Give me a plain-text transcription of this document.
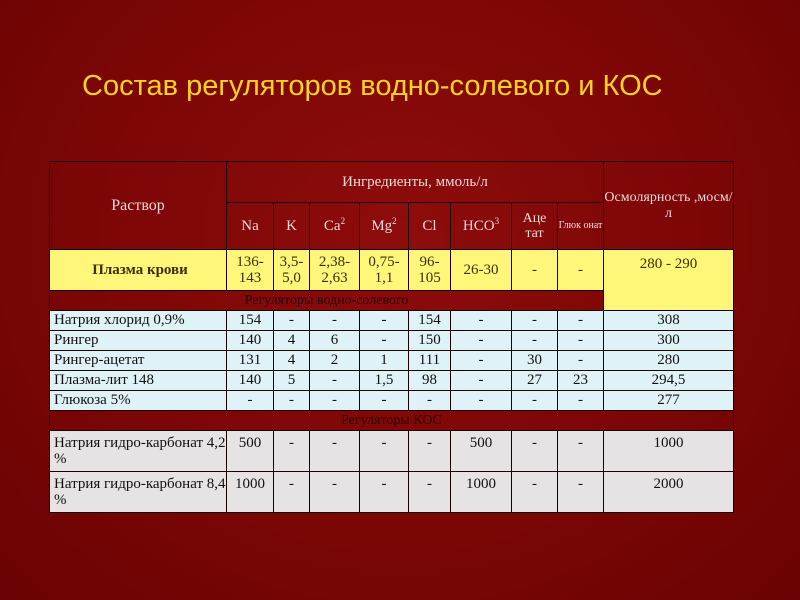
Состав регуляторов водно-солевого и КОС
Раствор	Ингредиенты, ммоль/л								Осмолярность ,мосм/л
	Na	K	Ca$^2$	Mg$^2$	Cl	HCO$^3$	Аце тат	Глюк онат	
Плазма крови	136-143	3,5-5,0	2,38-2,63	0,75-1,1	96-105	26-30	-	-	280 - 290
Регуляторы водно-солевого									
Натрия хлорид 0,9%	154	-	-	-	154	-	-	-	308
Рингер	140	4	6	-	150	-	-	-	300
Рингер-ацетат	131	4	2	1	111	-	30	-	280
Плазма-лит 148	140	5	-	1,5	98	-	27	23	294,5
Глюкоза 5%	-	-	-	-	-	-	-	-	277
Регуляторы КОС									
Натрия гидро-карбонат 4,2 %	500	-	-	-	-	500	-	-	1000
Натрия гидро-карбонат 8,4 %	1000	-	-	-	-	1000	-	-	2000
